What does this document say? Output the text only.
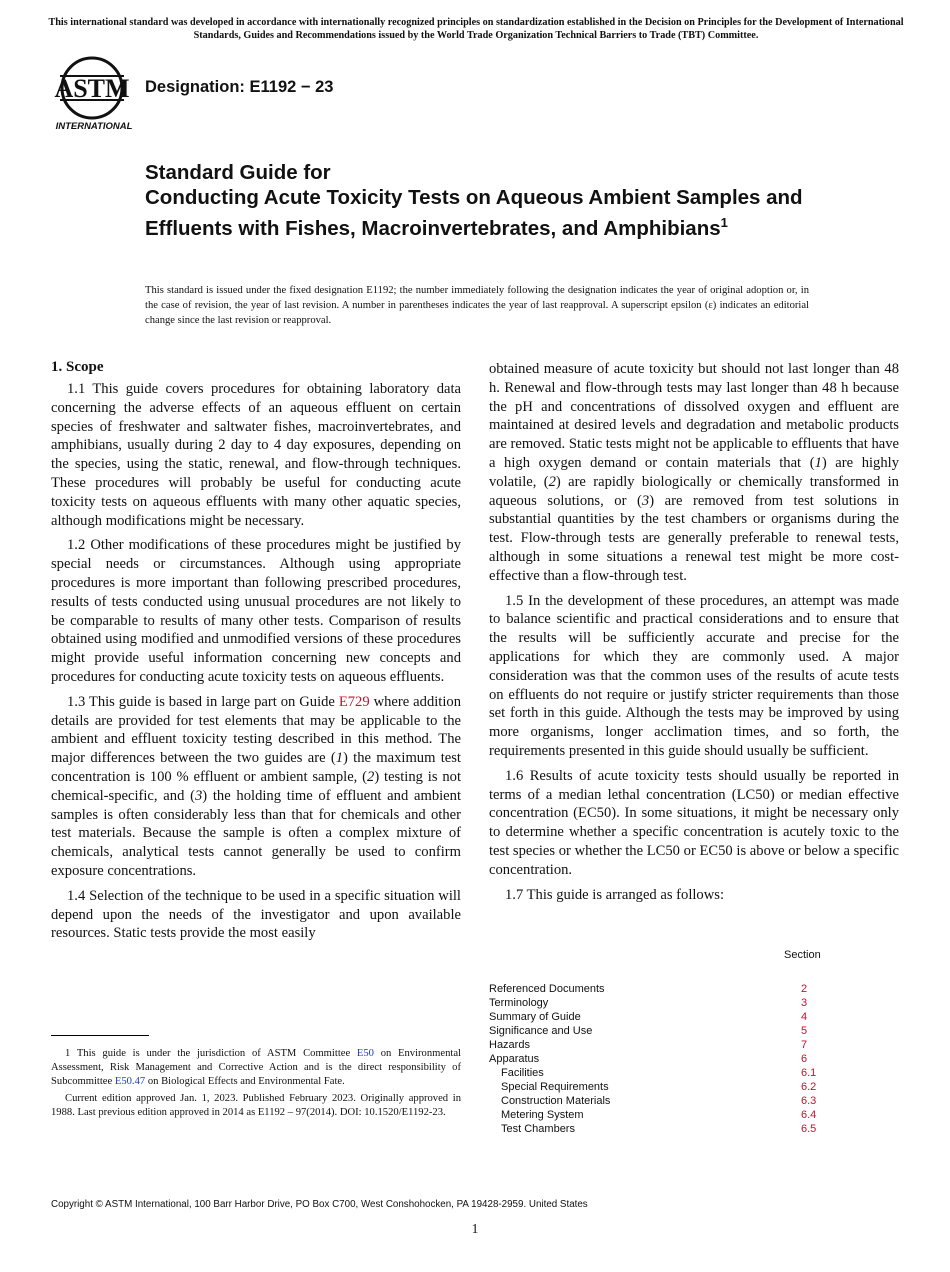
This international standard was developed in accordance with internationally recognized principles on standardization established in the Decision on Principles for the Development of International Standards, Guides and Recommendations issued by the World Trade Organization Technical Barriers to Trade (TBT) Committee.
ASTM
INTERNATIONAL
Designation: E1192 − 23
Standard Guide for
Conducting Acute Toxicity Tests on Aqueous Ambient Samples and Effluents with Fishes, Macroinvertebrates, and Amphibians$^1$
This standard is issued under the fixed designation E1192; the number immediately following the designation indicates the year of original adoption or, in the case of revision, the year of last revision. A number in parentheses indicates the year of last reapproval. A superscript epsilon (ε) indicates an editorial change since the last revision or reapproval.
1. Scope

1.1 This guide covers procedures for obtaining laboratory data concerning the adverse effects of an aqueous effluent on certain species of freshwater and saltwater fishes, macroinvertebrates, and amphibians, usually during 2 day to 4 day exposures, depending on the species, using the static, renewal, and flow-through techniques. These procedures will probably be useful for conducting acute toxicity tests on aqueous effluents with many other aquatic species, although modifications might be necessary.

1.2 Other modifications of these procedures might be justified by special needs or circumstances. Although using appropriate procedures is more important than following prescribed procedures, results of tests conducted using unusual procedures are not likely to be comparable to results of many other tests. Comparison of results obtained using modified and unmodified versions of these procedures might provide useful information concerning new concepts and procedures for conducting acute toxicity tests on aqueous effluents.

1.3 This guide is based in large part on Guide E729 where addition details are provided for test elements that may be applicable to the ambient and effluent toxicity testing described in this method. The major differences between the two guides are (1) the maximum test concentration is 100 % effluent or ambient sample, (2) testing is not chemical-specific, and (3) the holding time of effluent and ambient samples is often considerably less than that for chemicals and other test materials. Because the sample is often a complex mixture of chemicals, analytical tests cannot generally be used to confirm exposure concentrations.

1.4 Selection of the technique to be used in a specific situation will depend upon the needs of the investigator and upon available resources. Static tests provide the most easily

obtained measure of acute toxicity but should not last longer than 48 h. Renewal and flow-through tests may last longer than 48 h because the pH and concentrations of dissolved oxygen and effluent are maintained at desired levels and degradation and metabolic products are removed. Static tests might not be applicable to effluents that have a high oxygen demand or contain materials that (1) are highly volatile, (2) are rapidly biologically or chemically transformed in aqueous solutions, or (3) are removed from test solutions in substantial quantities by the test chambers or organisms during the test. Flow-through tests are generally preferable to renewal tests, although in some situations a renewal test might be more cost-effective than a flow-through test.

1.5 In the development of these procedures, an attempt was made to balance scientific and practical considerations and to ensure that the results will be sufficiently accurate and precise for the applications for which they are commonly used. A major consideration was that the common uses of the results of acute tests on effluents do not require or justify stricter requirements than those set forth in this guide. Although the tests may be improved by using more organisms, longer acclimation times, and so forth, the requirements presented in this guide should usually be sufficient.

1.6 Results of acute toxicity tests should usually be reported in terms of a median lethal concentration (LC50) or median effective concentration (EC50). In some situations, it might be necessary only to determine whether a specific concentration is acutely toxic to the test species or whether the LC50 or EC50 is above or below a specific concentration.

1.7 This guide is arranged as follows:

Section
Referenced Documents	2
Terminology	3
Summary of Guide	4
Significance and Use	5
Hazards	7
Apparatus	6
Facilities	6.1
Special Requirements	6.2
Construction Materials	6.3
Metering System	6.4
Test Chambers	6.5

1 This guide is under the jurisdiction of ASTM Committee E50 on Environmental Assessment, Risk Management and Corrective Action and is the direct responsibility of Subcommittee E50.47 on Biological Effects and Environmental Fate.

Current edition approved Jan. 1, 2023. Published February 2023. Originally approved in 1988. Last previous edition approved in 2014 as E1192 – 97(2014). DOI: 10.1520/E1192-23.

Copyright © ASTM International, 100 Barr Harbor Drive, PO Box C700, West Conshohocken, PA 19428-2959. United States
1
